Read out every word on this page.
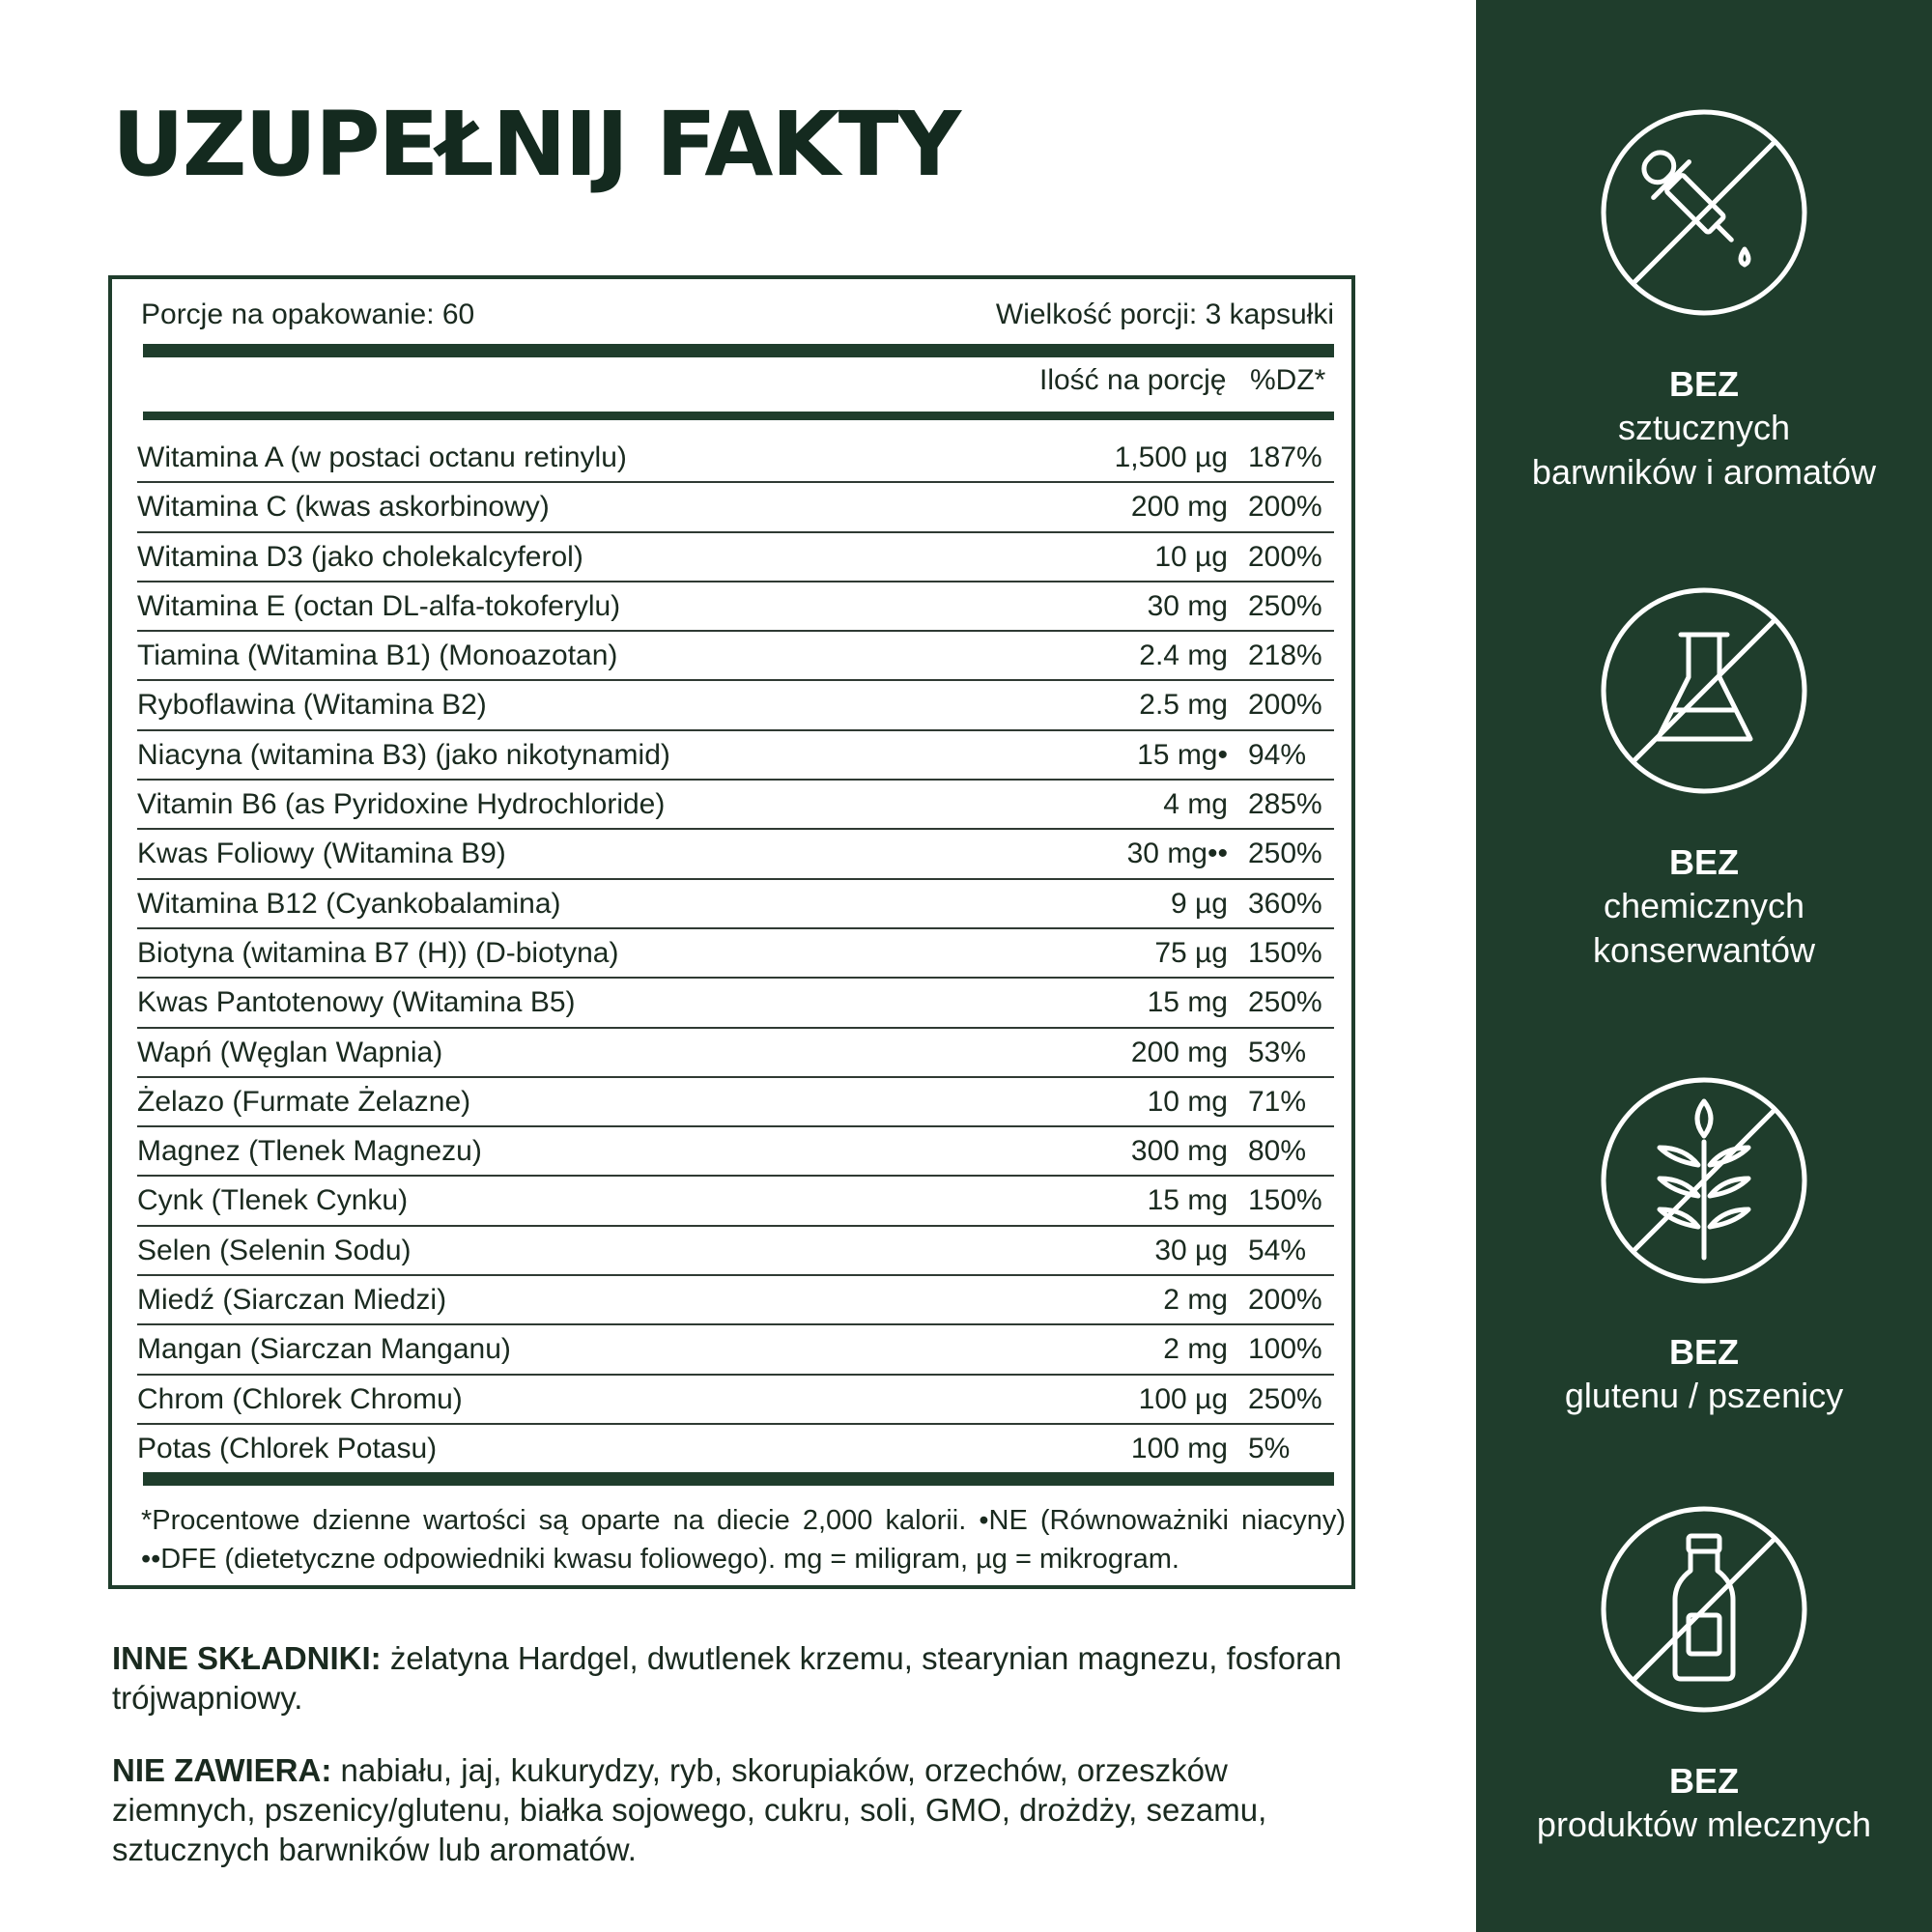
UZUPEŁNIJ FAKTY
Porcje na opakowanie: 60	Wielkość porcji: 3 kapsułki
Ilość na porcję %DZ*
Witamina A (w postaci octanu retinylu)	1,500 µg 187%
Witamina C (kwas askorbinowy)	200 mg 200%
Witamina D3 (jako cholekalcyferol)	10 µg 200%
Witamina E (octan DL-alfa-tokoferylu)	30 mg 250%
Tiamina (Witamina B1) (Monoazotan)	2.4 mg 218%
Ryboflawina (Witamina B2)	2.5 mg 200%
Niacyna (witamina B3) (jako nikotynamid)	15 mg• 94%
Vitamin B6 (as Pyridoxine Hydrochloride)	4 mg 285%
Kwas Foliowy (Witamina B9)	30 mg•• 250%
Witamina B12 (Cyankobalamina)	9 µg 360%
Biotyna (witamina B7 (H)) (D-biotyna)	75 µg 150%
Kwas Pantotenowy (Witamina B5)	15 mg 250%
Wapń (Węglan Wapnia)	200 mg 53%
Żelazo (Furmate Żelazne)	10 mg 71%
Magnez (Tlenek Magnezu)	300 mg 80%
Cynk (Tlenek Cynku)	15 mg 150%
Selen (Selenin Sodu)	30 µg 54%
Miedź (Siarczan Miedzi)	2 mg 200%
Mangan (Siarczan Manganu)	2 mg 100%
Chrom (Chlorek Chromu)	100 µg 250%
Potas (Chlorek Potasu)	100 mg 5%
*Procentowe dzienne wartości są oparte na diecie 2,000 kalorii. •NE (Równoważniki niacyny) ••DFE (dietetyczne odpowiedniki kwasu foliowego). mg = miligram, µg = mikrogram.

INNE SKŁADNIKI: żelatyna Hardgel, dwutlenek krzemu, stearynian magnezu, fosforan trójwapniowy.

NIE ZAWIERA: nabiału, jaj, kukurydzy, ryb, skorupiaków, orzechów, orzeszków ziemnych, pszenicy/glutenu, białka sojowego, cukru, soli, GMO, drożdży, sezamu, sztucznych barwników lub aromatów.

BEZ
sztucznych
barwników i aromatów
BEZ
chemicznych
konserwantów
BEZ
glutenu / pszenicy
BEZ
produktów mlecznych
